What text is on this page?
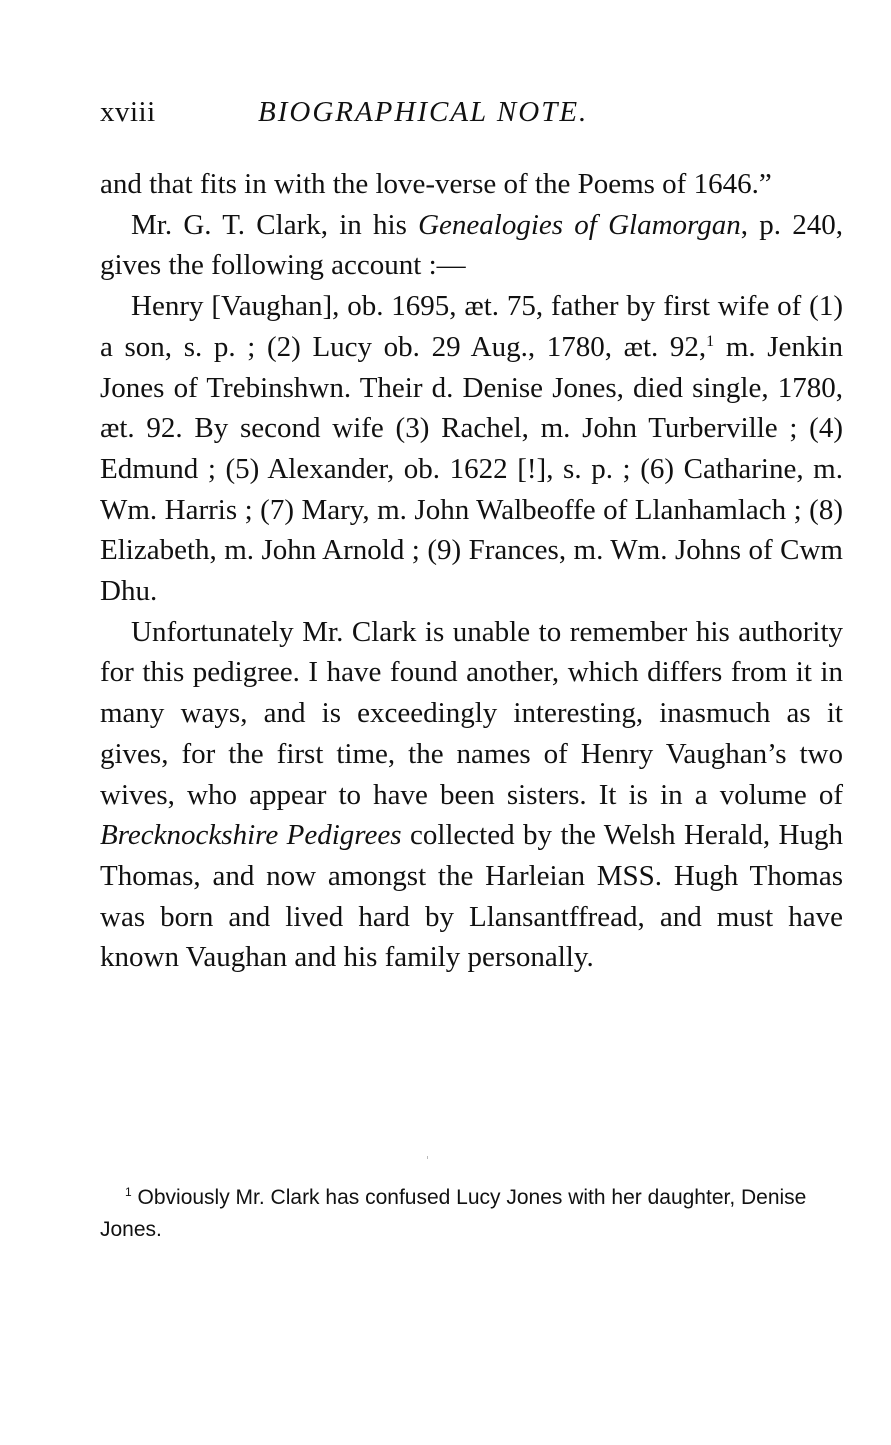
xviii	BIOGRAPHICAL NOTE.

and that fits in with the love-verse of the Poems of 1646.”

Mr. G. T. Clark, in his Genealogies of Glamorgan, p. 240, gives the following account :—

Henry [Vaughan], ob. 1695, æt. 75, father by first wife of (1) a son, s. p. ; (2) Lucy ob. 29 Aug., 1780, æt. 92,$^1$ m. Jenkin Jones of Trebinshwn. Their d. Denise Jones, died single, 1780, æt. 92. By second wife (3) Rachel, m. John Turberville ; (4) Edmund ; (5) Alexander, ob. 1622 [!], s. p. ; (6) Catharine, m. Wm. Harris ; (7) Mary, m. John Walbeoffe of Llanhamlach ; (8) Elizabeth, m. John Arnold ; (9) Frances, m. Wm. Johns of Cwm Dhu.

Unfortunately Mr. Clark is unable to remember his authority for this pedigree. I have found another, which differs from it in many ways, and is exceedingly interesting, inasmuch as it gives, for the first time, the names of Henry Vaughan’s two wives, who appear to have been sisters. It is in a volume of Brecknockshire Pedigrees collected by the Welsh Herald, Hugh Thomas, and now amongst the Harleian MSS. Hugh Thomas was born and lived hard by Llansantffread, and must have known Vaughan and his family personally.

$^1$ Obviously Mr. Clark has confused Lucy Jones with her daughter, Denise Jones.
